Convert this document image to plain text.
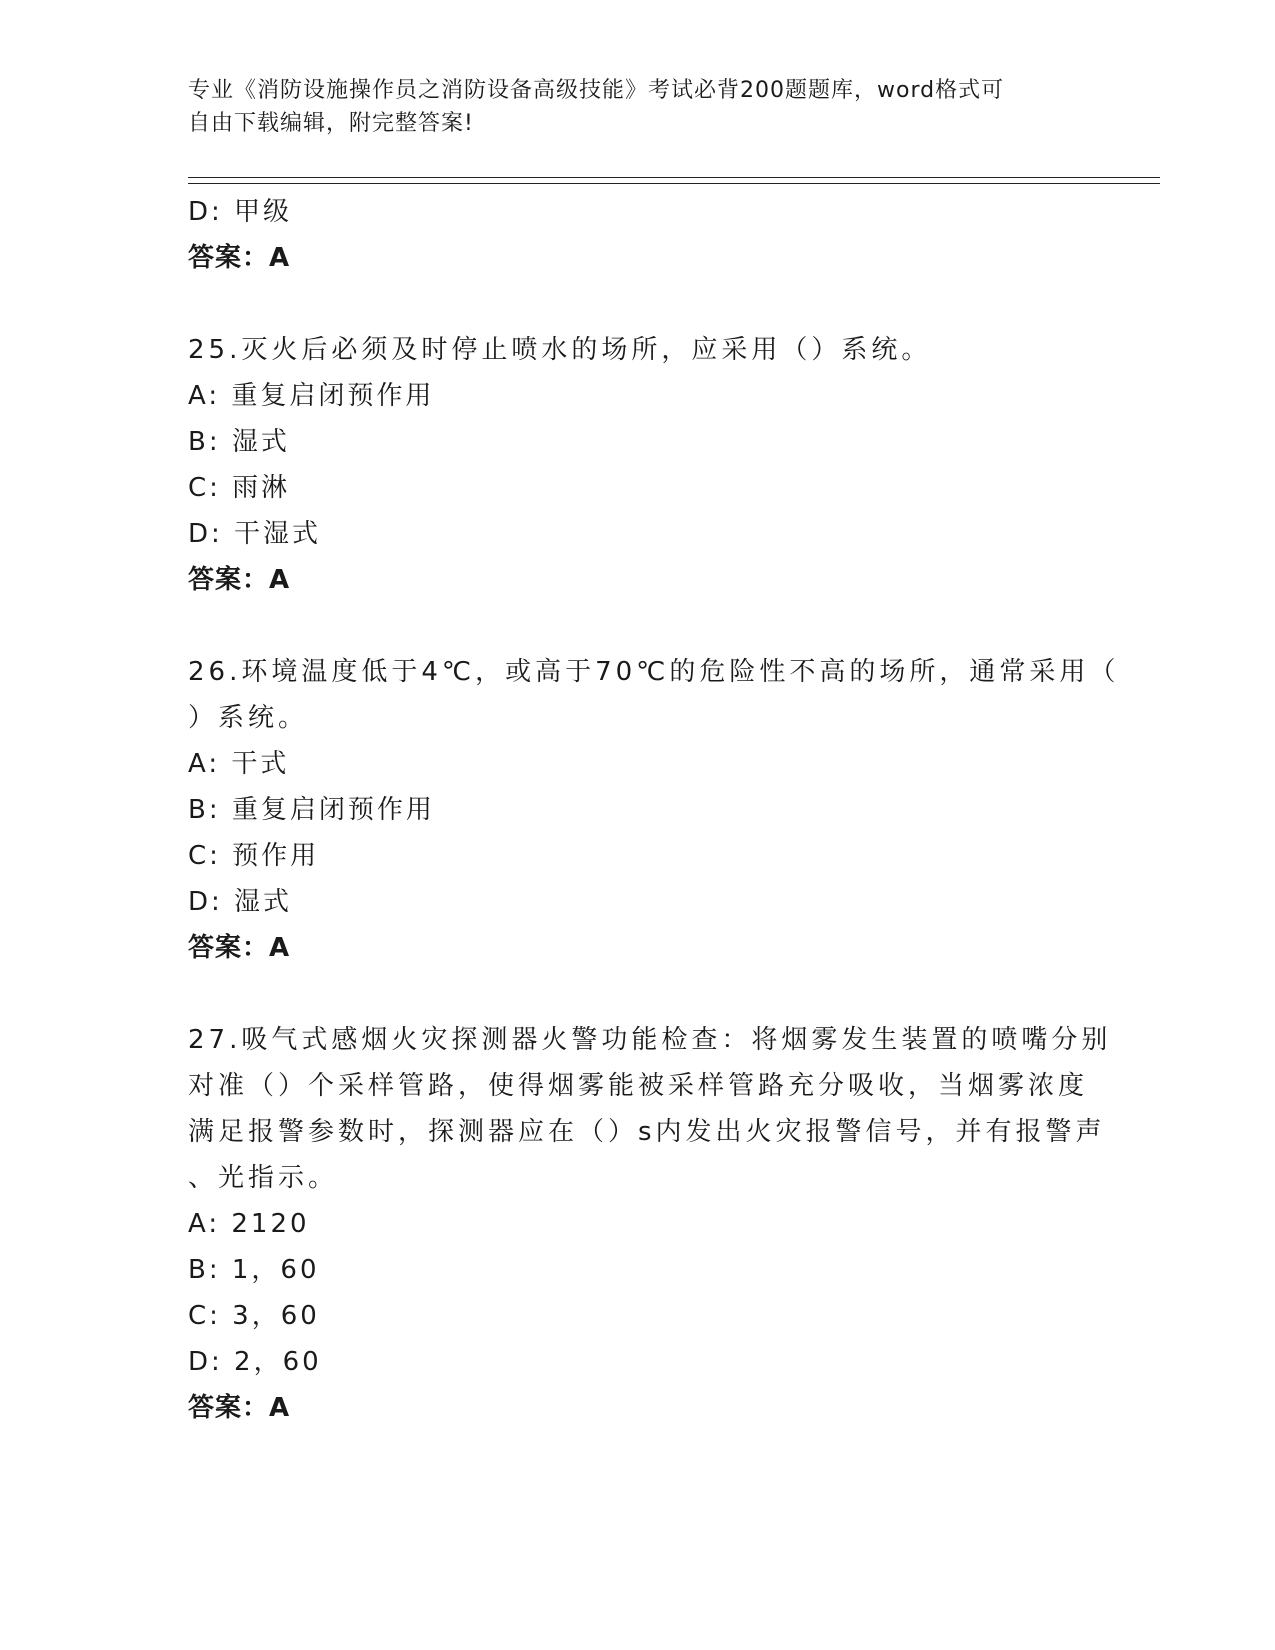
专业《消防设施操作员之消防设备高级技能》考试必背200题题库，word格式可
自由下载编辑，附完整答案!
D: 甲级
答案：A
25.灭火后必须及时停止喷水的场所，应采用（）系统。
A: 重复启闭预作用
B: 湿式
C: 雨淋
D: 干湿式
答案：A
26.环境温度低于4℃，或高于70℃的危险性不高的场所，通常采用（
）系统。
A: 干式
B: 重复启闭预作用
C: 预作用
D: 湿式
答案：A
27.吸气式感烟火灾探测器火警功能检查：将烟雾发生装置的喷嘴分别
对准（）个采样管路，使得烟雾能被采样管路充分吸收，当烟雾浓度
满足报警参数时，探测器应在（）s内发出火灾报警信号，并有报警声
、光指示。
A: 2120
B: 1，60
C: 3，60
D: 2，60
答案：A
